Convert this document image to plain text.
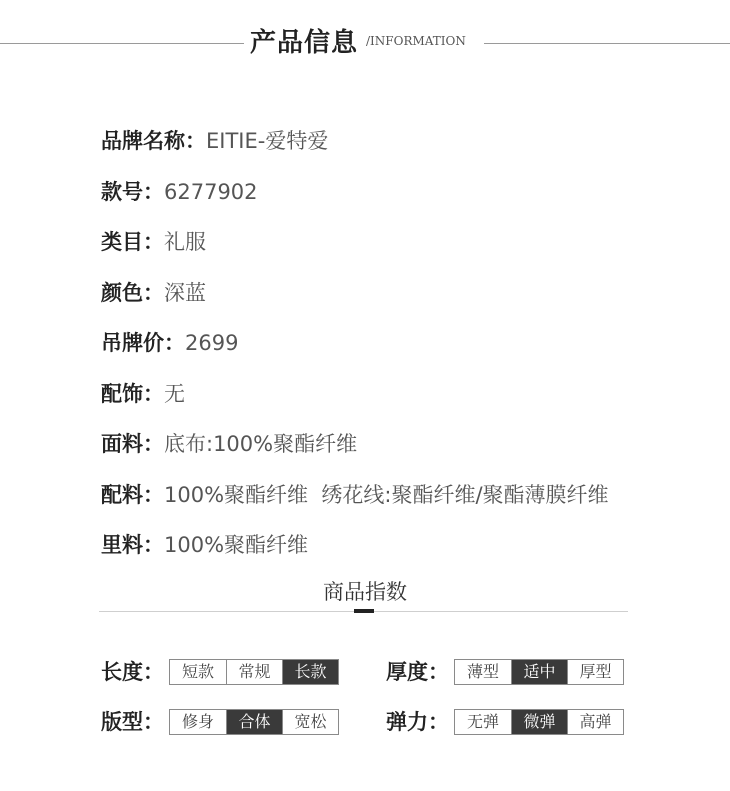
产品信息 /INFORMATION
品牌名称：EITIE-爱特爱
款号：6277902
类目：礼服
颜色：深蓝
吊牌价：2699
配饰：无
面料：底布:100%聚酯纤维
配料：100%聚酯纤维  绣花线:聚酯纤维/聚酯薄膜纤维
里料：100%聚酯纤维
商品指数
长度：	短款	常规	长款	厚度：	薄型	适中	厚型
版型：	修身	合体	宽松	弹力：	无弹	微弹	高弹
